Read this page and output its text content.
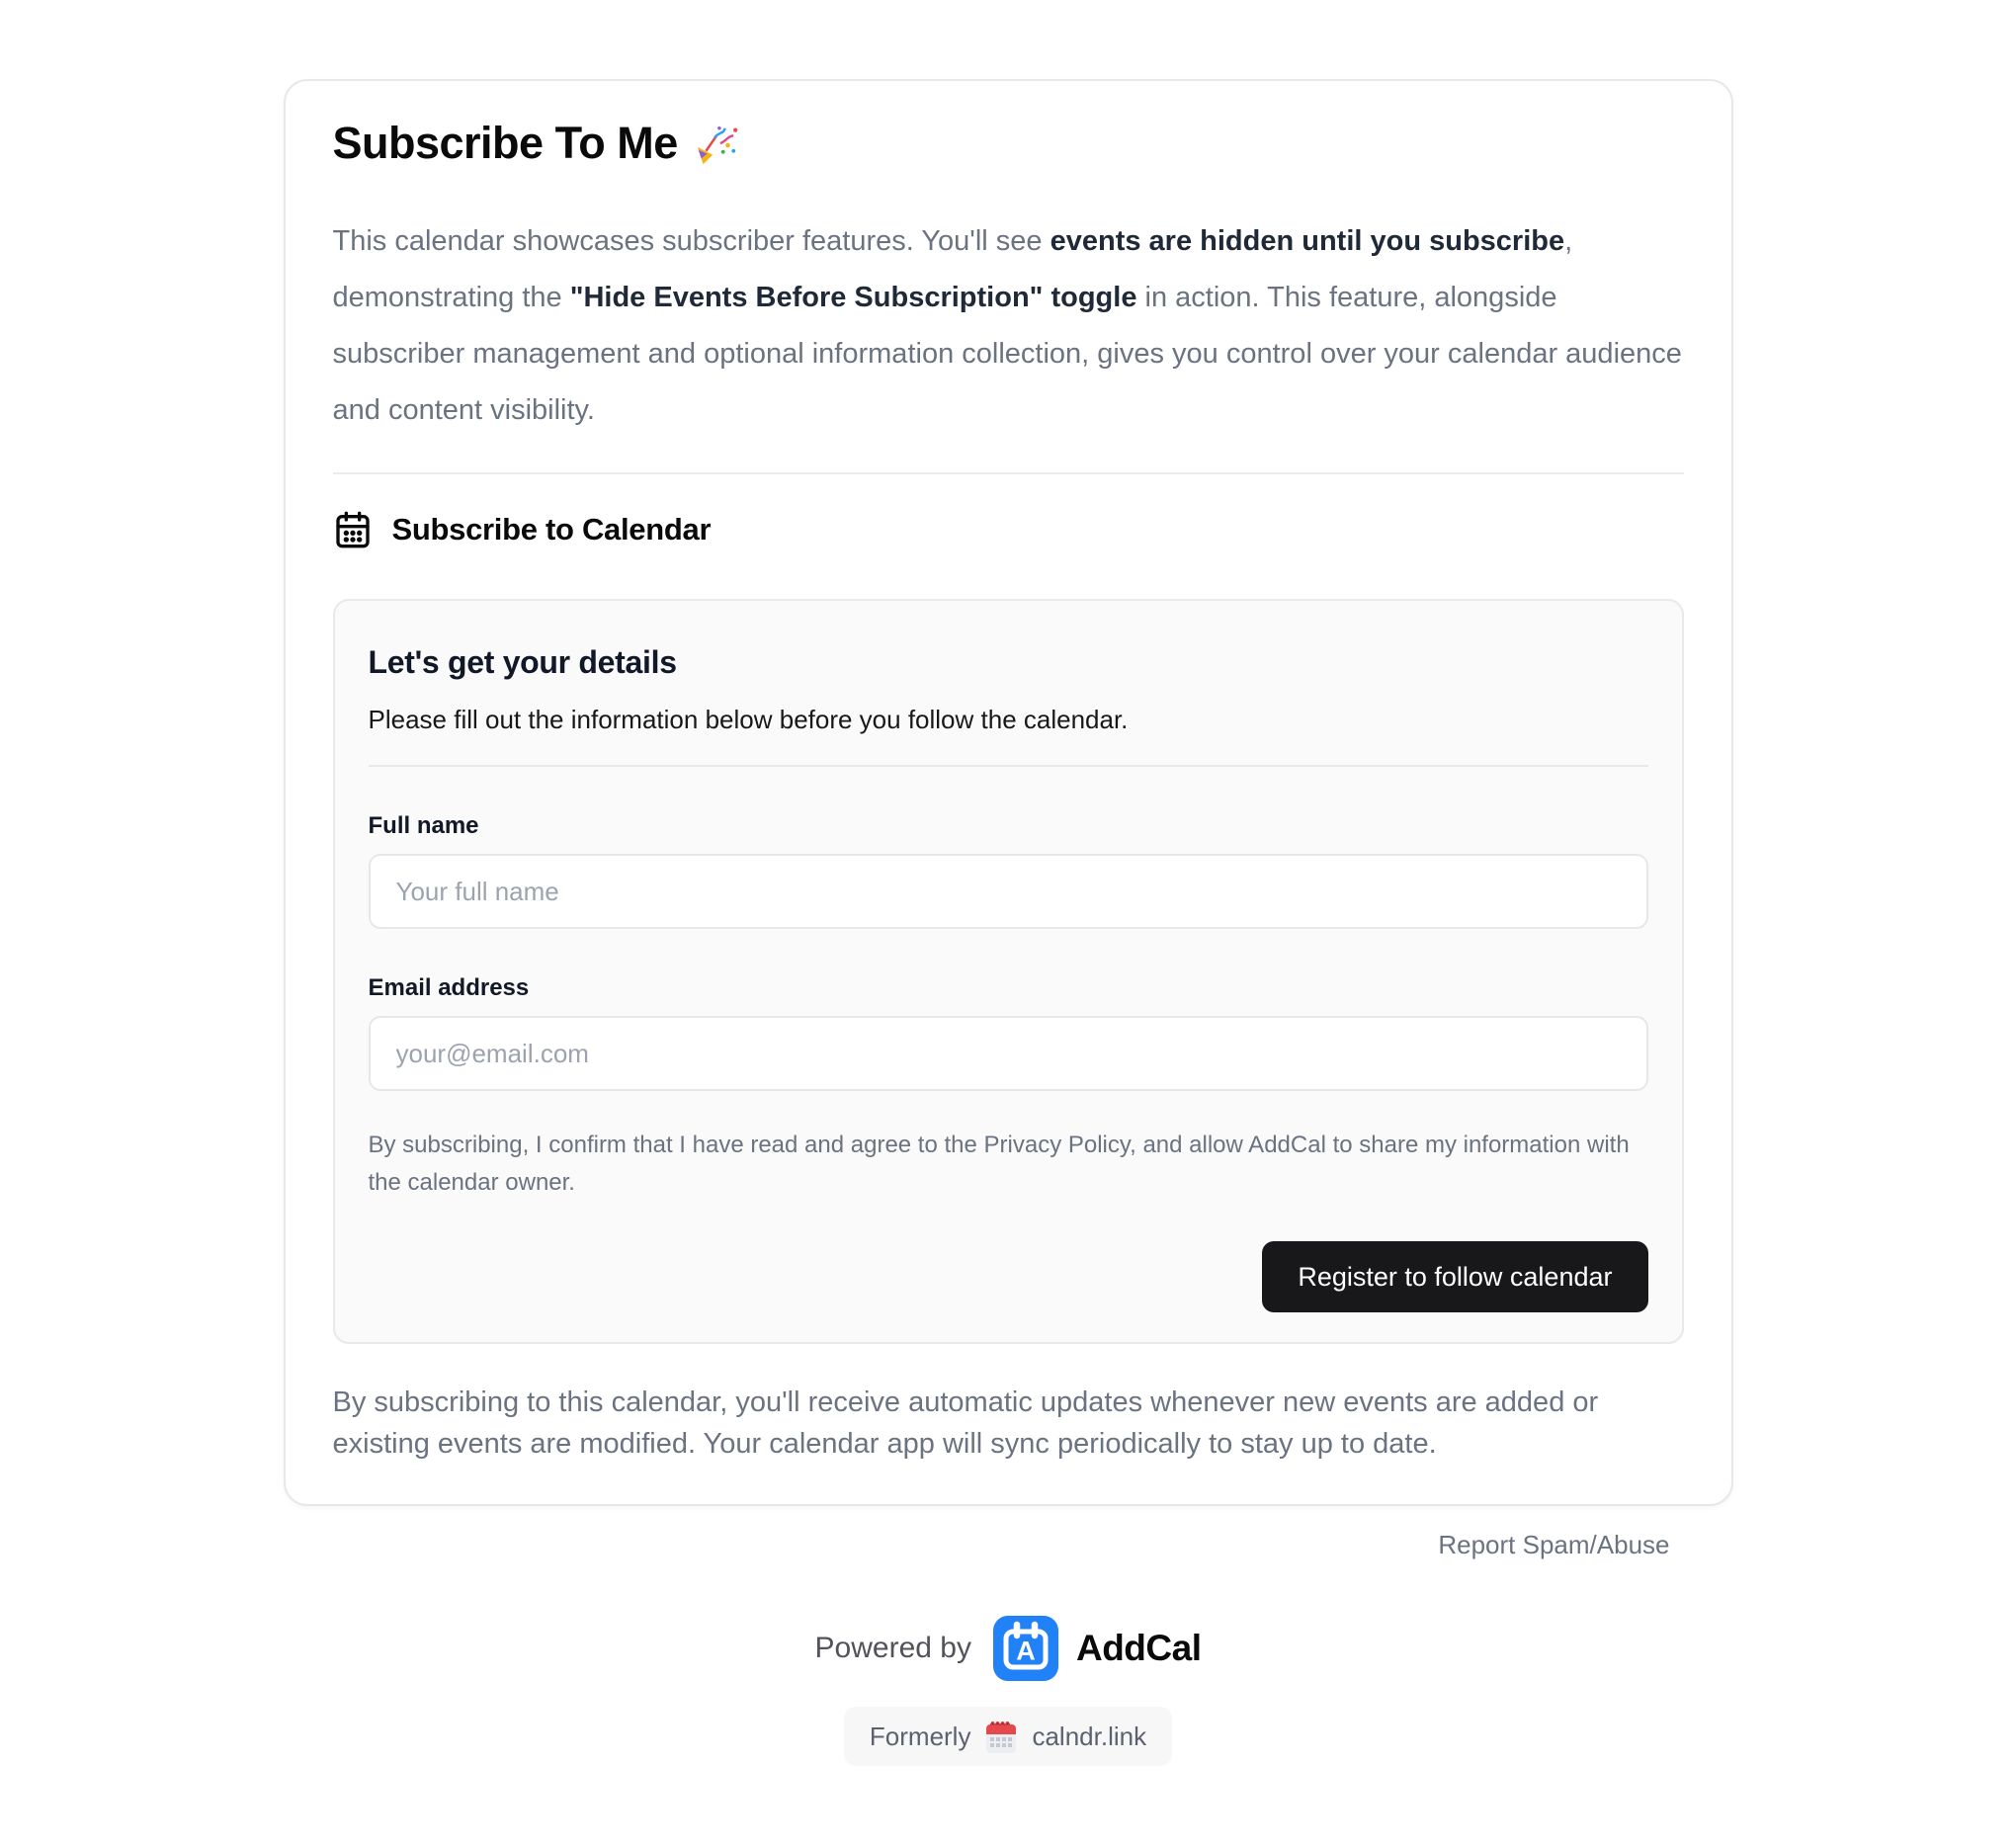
Subscribe To Me

This calendar showcases subscriber features. You'll see events are hidden until you subscribe, demonstrating the "Hide Events Before Subscription" toggle in action. This feature, alongside subscriber management and optional information collection, gives you control over your calendar audience and content visibility.

Subscribe to Calendar
Let's get your details

Please fill out the information below before you follow the calendar.

Full name
Your full name
Email address
your@email.com

By subscribing, I confirm that I have read and agree to the Privacy Policy, and allow AddCal to share my information with the calendar owner.

Register to follow calendar

By subscribing to this calendar, you'll receive automatic updates whenever new events are added or existing events are modified. Your calendar app will sync periodically to stay up to date.

Report Spam/Abuse
Powered by A AddCal
Formerly calndr.link
